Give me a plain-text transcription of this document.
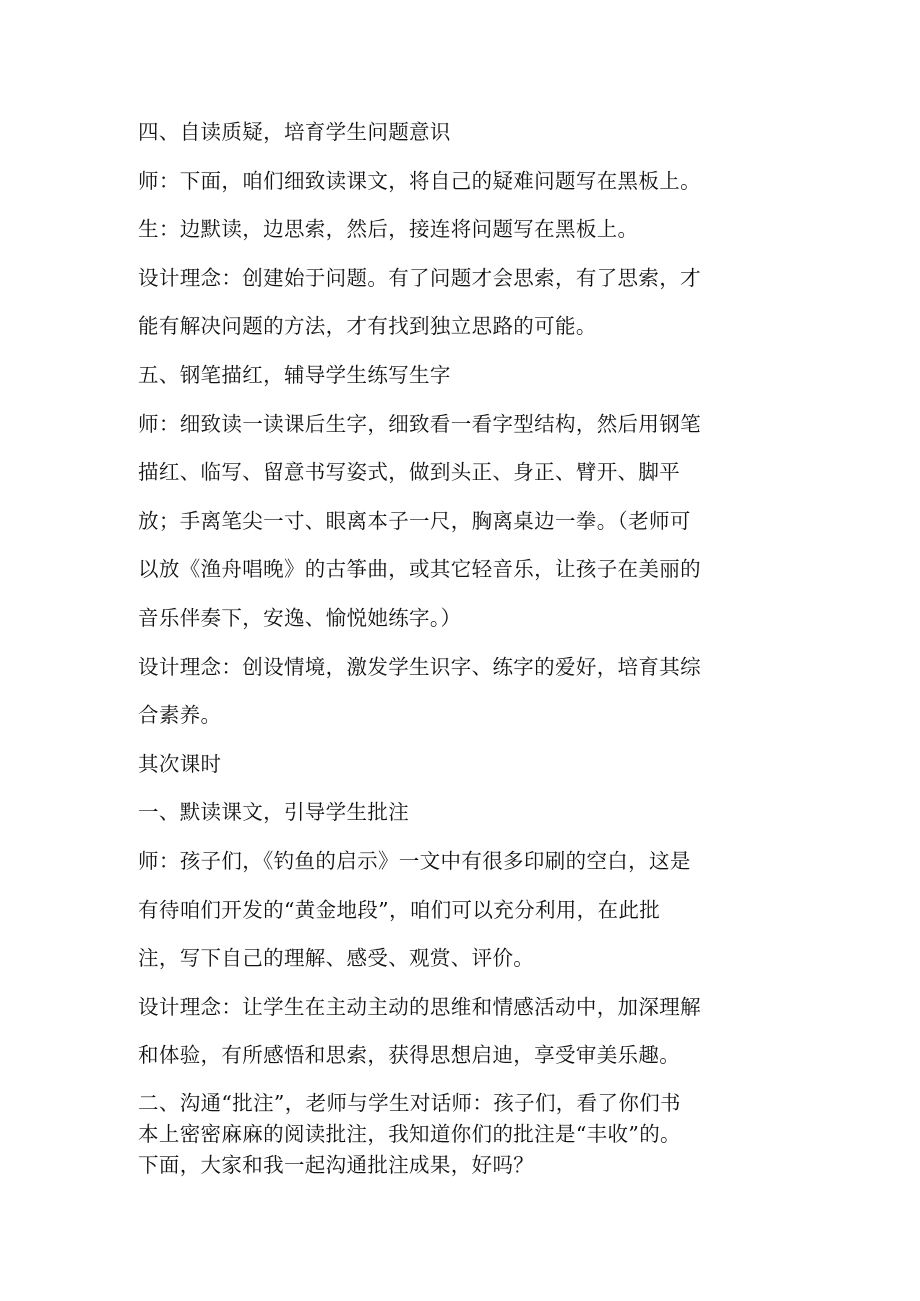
四、自读质疑，培育学生问题意识
师：下面，咱们细致读课文，将自己的疑难问题写在黑板上。
生：边默读，边思索，然后，接连将问题写在黑板上。
设计理念：创建始于问题。有了问题才会思索，有了思索，才
能有解决问题的方法，才有找到独立思路的可能。
五、钢笔描红，辅导学生练写生字
师：细致读一读课后生字，细致看一看字型结构，然后用钢笔
描红、临写、留意书写姿式，做到头正、身正、臂开、脚平
放；手离笔尖一寸、眼离本子一尺，胸离桌边一拳。（老师可
以放《渔舟唱晚》的古筝曲，或其它轻音乐，让孩子在美丽的
音乐伴奏下，安逸、愉悦她练字。）
设计理念：创设情境，激发学生识字、练字的爱好，培育其综
合素养。
其次课时
一、默读课文，引导学生批注
师：孩子们，《钓鱼的启示》一文中有很多印刷的空白，这是
有待咱们开发的“黄金地段”，咱们可以充分利用，在此批
注，写下自己的理解、感受、观赏、评价。
设计理念：让学生在主动主动的思维和情感活动中，加深理解
和体验，有所感悟和思索，获得思想启迪，享受审美乐趣。
二、沟通“批注”，老师与学生对话师：孩子们，看了你们书
本上密密麻麻的阅读批注，我知道你们的批注是“丰收”的。
下面，大家和我一起沟通批注成果，好吗？
